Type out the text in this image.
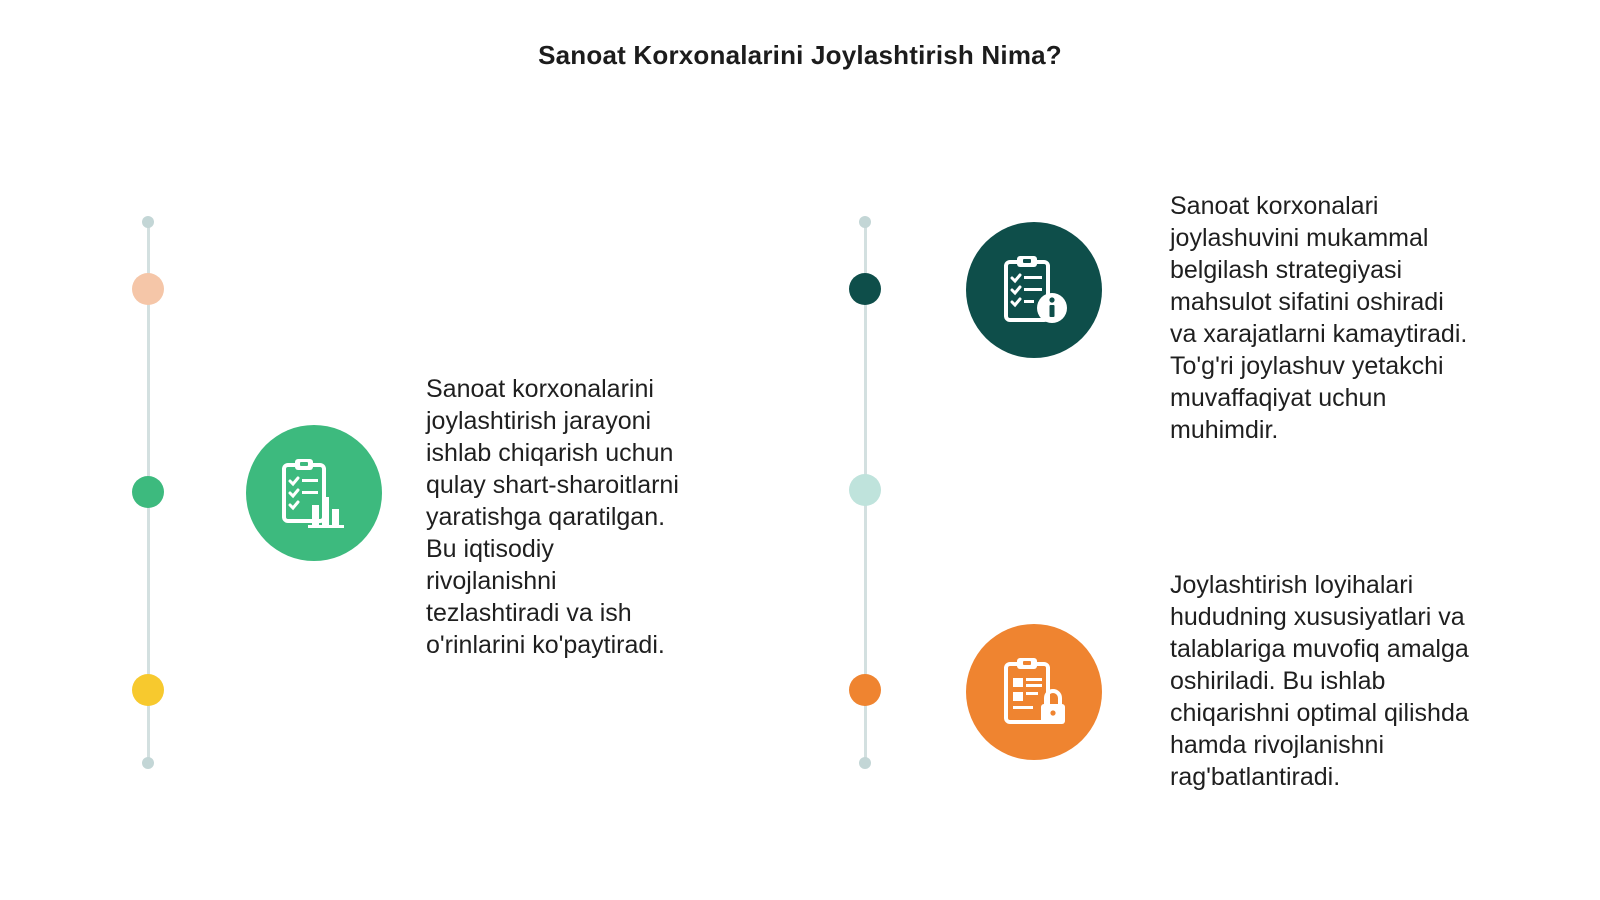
Sanoat Korxonalarini Joylashtirish Nima?
Sanoat korxonalarini
joylashtirish jarayoni
ishlab chiqarish uchun
qulay shart-sharoitlarni
yaratishga qaratilgan.
Bu iqtisodiy
rivojlanishni
tezlashtiradi va ish
o'rinlarini ko'paytiradi.
Sanoat korxonalari
joylashuvini mukammal
belgilash strategiyasi
mahsulot sifatini oshiradi
va xarajatlarni kamaytiradi.
To'g'ri joylashuv yetakchi
muvaffaqiyat uchun
muhimdir.
Joylashtirish loyihalari
hududning xususiyatlari va
talablariga muvofiq amalga
oshiriladi. Bu ishlab
chiqarishni optimal qilishda
hamda rivojlanishni
rag'batlantiradi.
